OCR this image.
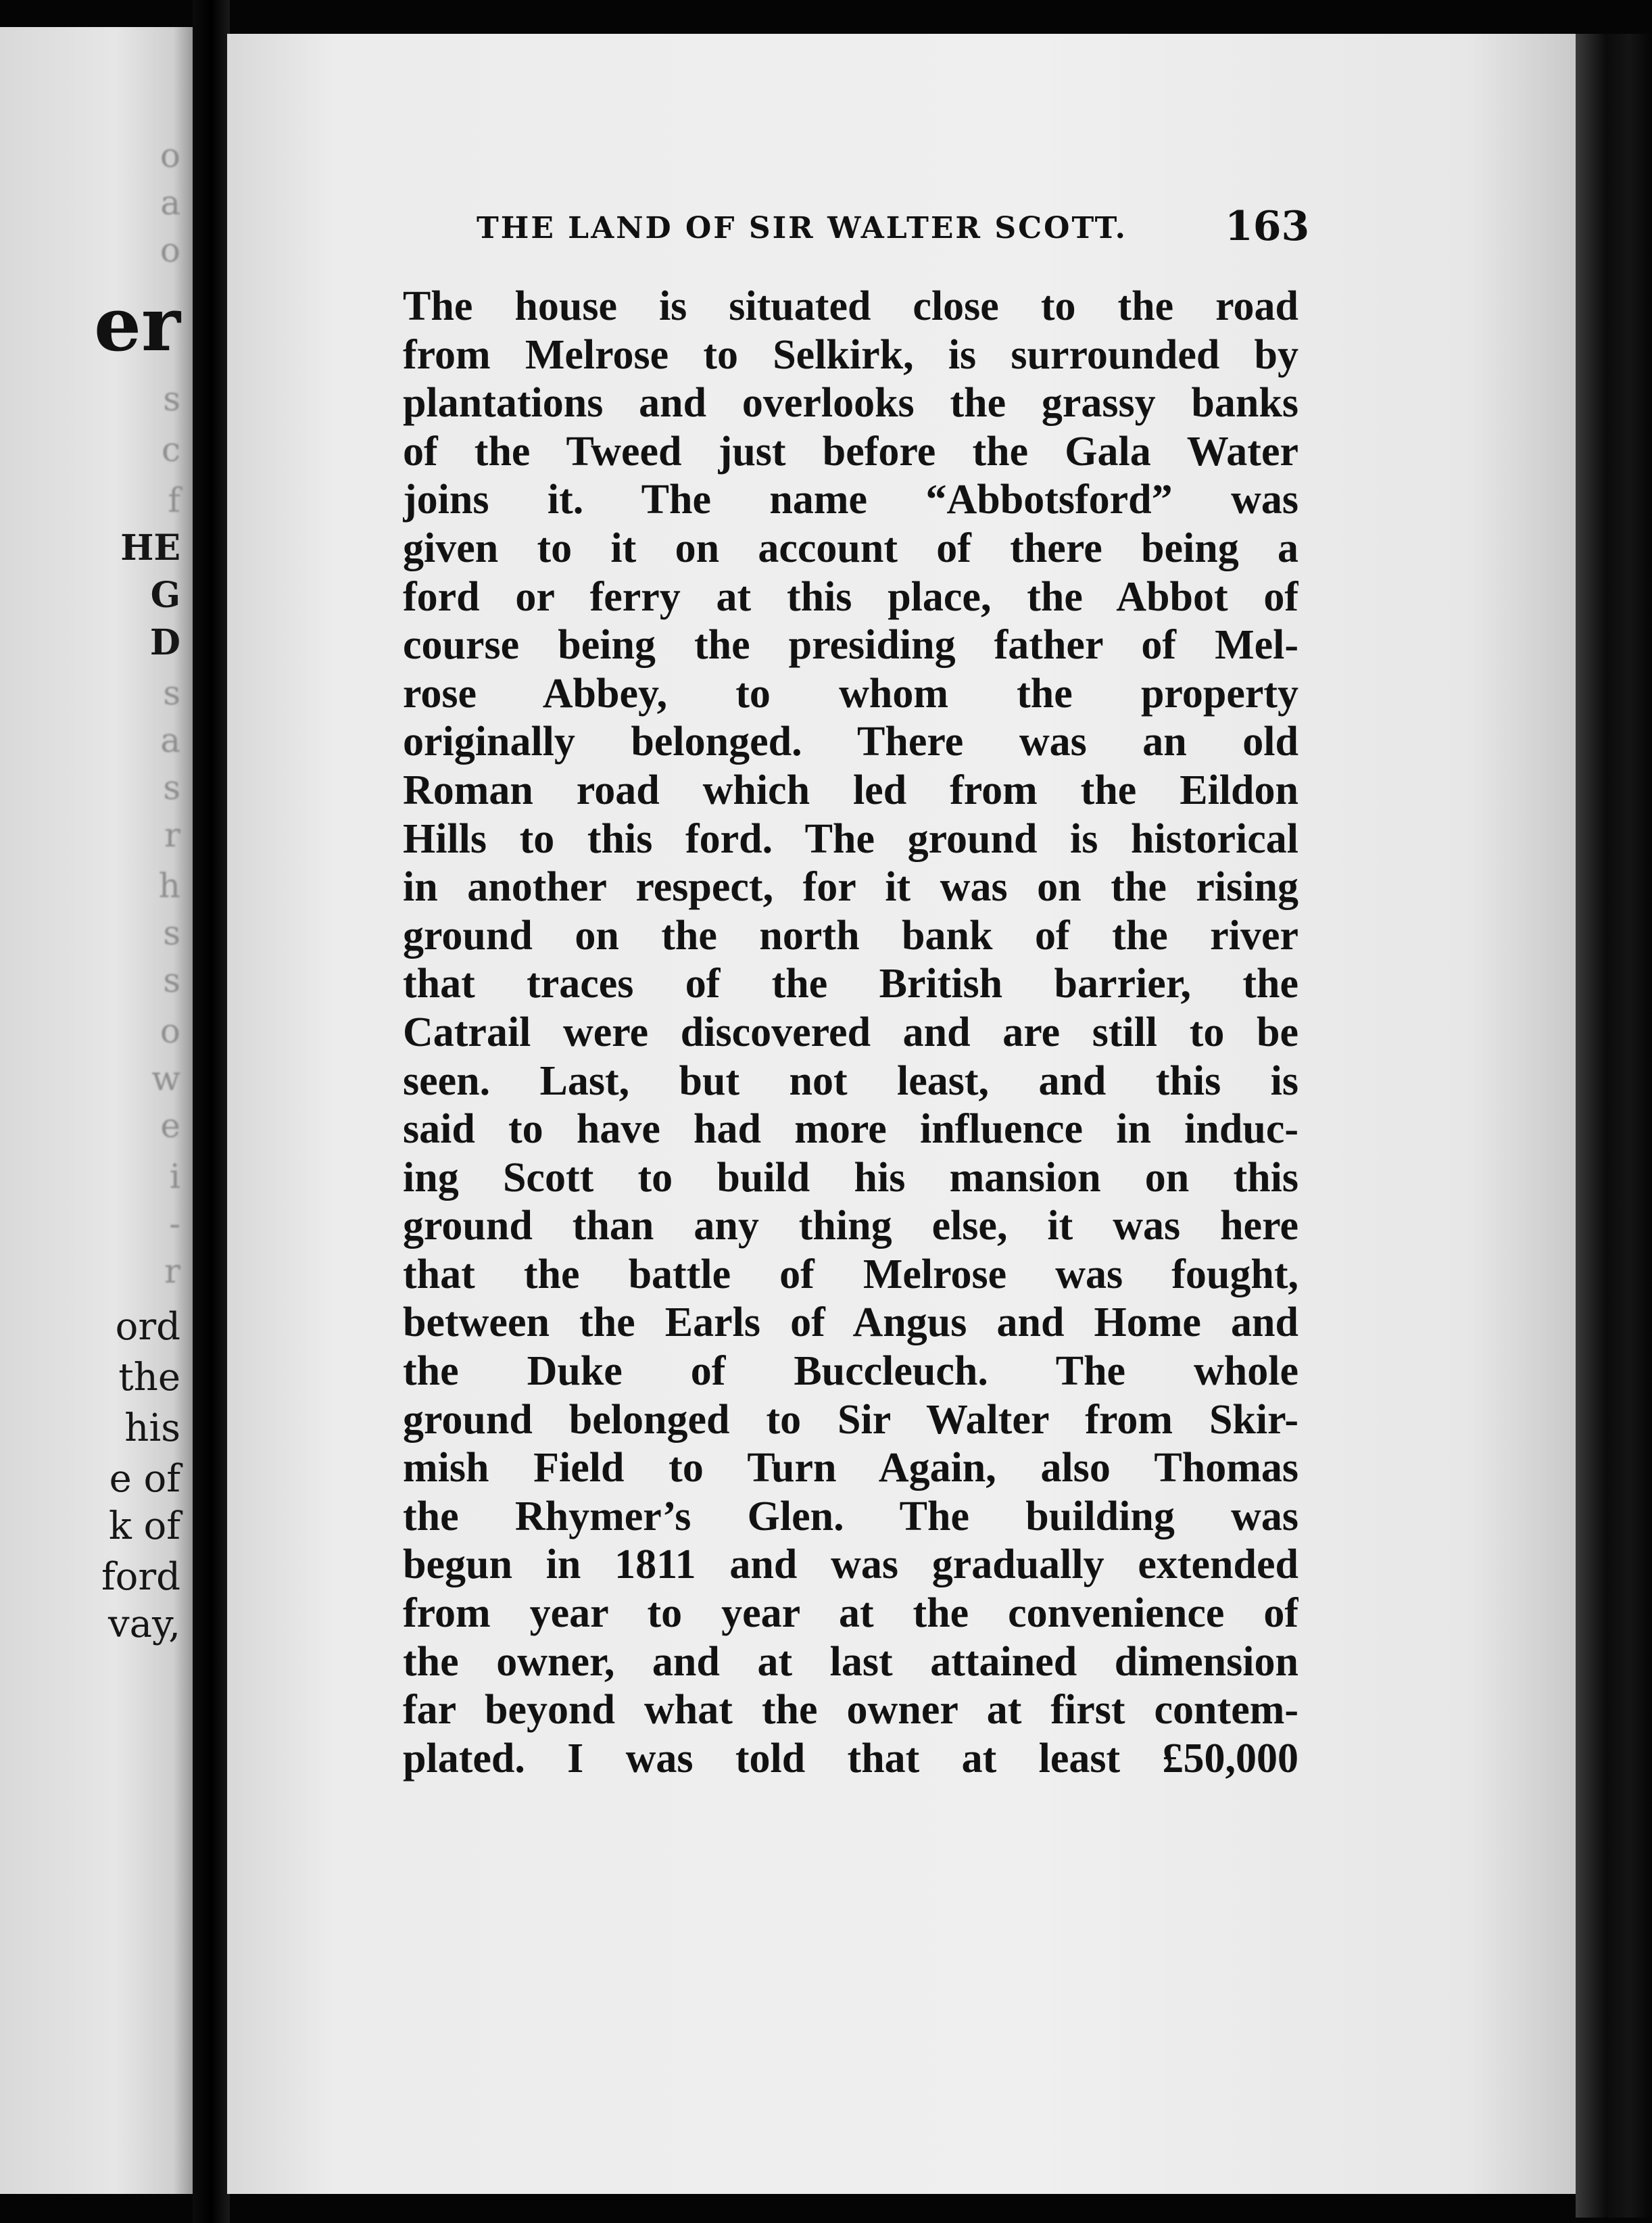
o
a
o
er
s
c
f
HE
G
D
s
a
s
r
h
s
s
o
w
e
i
-
r
ord
the
his
e of
k of
ford
vay,
THE LAND OF SIR WALTER SCOTT.	163
The house is situated close to the road
from Melrose to Selkirk, is surrounded by
plantations and overlooks the grassy banks
of the Tweed just before the Gala Water
joins it. The name “Abbotsford” was
given to it on account of there being a
ford or ferry at this place, the Abbot of
course being the presiding father of Mel-
rose Abbey, to whom the property
originally belonged. There was an old
Roman road which led from the Eildon
Hills to this ford. The ground is historical
in another respect, for it was on the rising
ground on the north bank of the river
that traces of the British barrier, the
Catrail were discovered and are still to be
seen. Last, but not least, and this is
said to have had more influence in induc-
ing Scott to build his mansion on this
ground than any thing else, it was here
that the battle of Melrose was fought,
between the Earls of Angus and Home and
the Duke of Buccleuch. The whole
ground belonged to Sir Walter from Skir-
mish Field to Turn Again, also Thomas
the Rhymer’s Glen. The building was
begun in 1811 and was gradually extended
from year to year at the convenience of
the owner, and at last attained dimension
far beyond what the owner at first contem-
plated. I was told that at least £50,000
